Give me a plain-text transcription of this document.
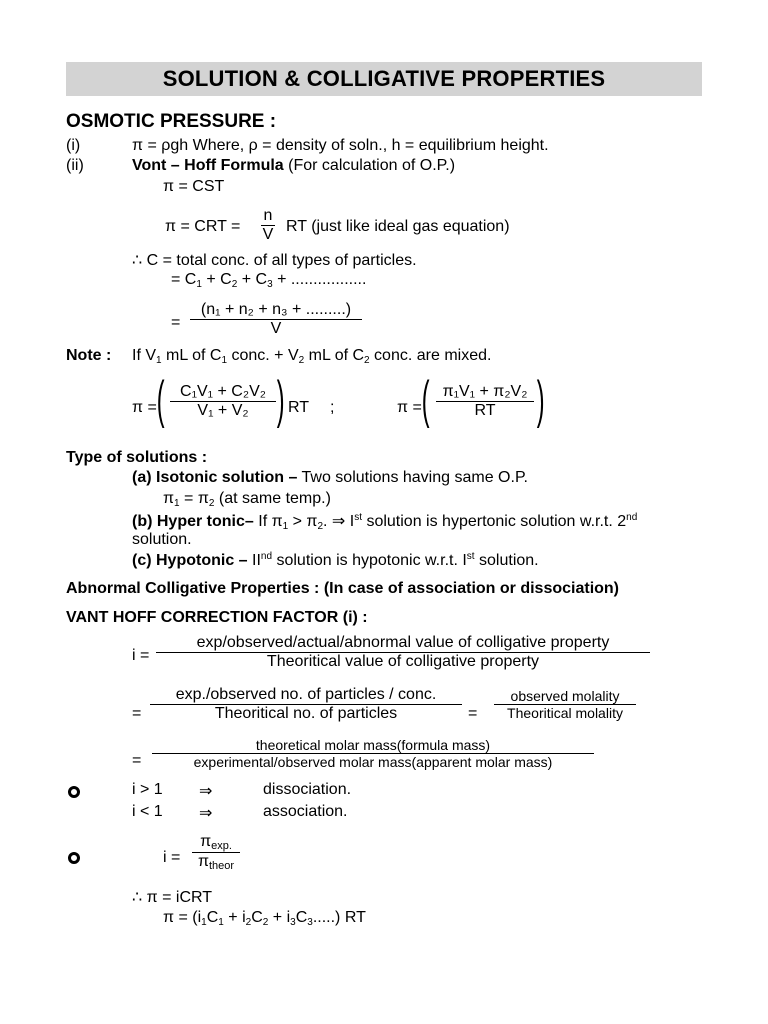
SOLUTION & COLLIGATIVE PROPERTIES
OSMOTIC PRESSURE :
(i)	π = ρgh Where, ρ = density of soln., h = equilibrium height.
(ii)	Vont – Hoff Formula (For calculation of O.P.)
π = CST
π = CRT =
n
V RT (just like ideal gas equation)
∴ C = total conc. of all types of particles.
= $C_1 + C_2 + C_3$ + .................
=
(n₁ + n₂ + n₃ + .........)
V
Note : If $V_1$ mL of $C_1$ conc. + $V_2$ mL of $C_2$ conc. are mixed.
π = ( C₁V₁ + C₂V₂
V₁ + V₂ ) RT ;	π = ( π₁V₁ + π₂V₂
RT )
Type of solutions :
(a) Isotonic solution – Two solutions having same O.P.
$\pi_1 = \pi_2$ (at same temp.)
(b) Hyper tonic– If $\pi_1 > \pi_2$. ⇒ Ist solution is hypertonic solution w.r.t. 2nd
solution.
(c) Hypotonic – IInd solution is hypotonic w.r.t. Ist solution.
Abnormal Colligative Properties : (In case of association or dissociation)
VANT HOFF CORRECTION FACTOR (i) :
i =
exp/observed/actual/abnormal value of colligative property
Theoritical value of colligative property
=
exp./observed no. of particles / conc.
Theoritical no. of particles	=
observed molality
Theoritical molality
=
theoretical molar mass(formula mass)
experimental/observed molar mass(apparent molar mass)
i > 1 ⇒	dissociation.
i < 1 ⇒	association.
i =
$\pi_{exp.}$
$\pi_{theor}$
∴ π = iCRT
$\pi = (i_1C_1 + i_2C_2 + i_3C_3.....)$ RT
